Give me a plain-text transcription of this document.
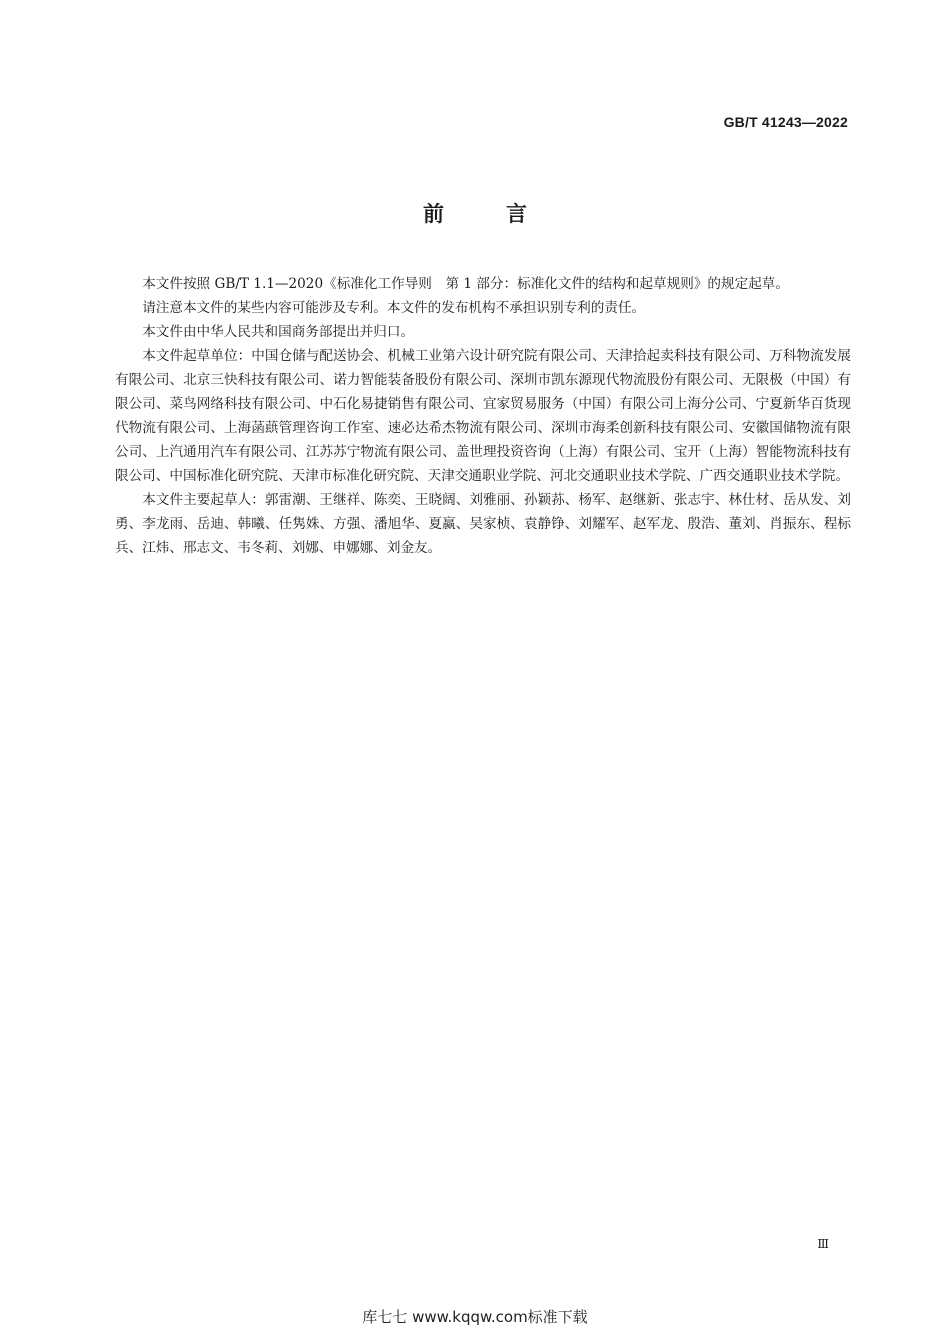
GB/T 41243—2022
前言

本文件按照 GB/T 1.1—2020《标准化工作导则　第 1 部分：标准化文件的结构和起草规则》的规定起草。

请注意本文件的某些内容可能涉及专利。本文件的发布机构不承担识别专利的责任。

本文件由中华人民共和国商务部提出并归口。

本文件起草单位：中国仓储与配送协会、机械工业第六设计研究院有限公司、天津拾起卖科技有限公司、万科物流发展有限公司、北京三快科技有限公司、诺力智能装备股份有限公司、深圳市凯东源现代物流股份有限公司、无限极（中国）有限公司、菜鸟网络科技有限公司、中石化易捷销售有限公司、宜家贸易服务（中国）有限公司上海分公司、宁夏新华百货现代物流有限公司、上海菡蕻管理咨询工作室、速必达希杰物流有限公司、深圳市海柔创新科技有限公司、安徽国储物流有限公司、上汽通用汽车有限公司、江苏苏宁物流有限公司、盖世理投资咨询（上海）有限公司、宝开（上海）智能物流科技有限公司、中国标准化研究院、天津市标准化研究院、天津交通职业学院、河北交通职业技术学院、广西交通职业技术学院。

本文件主要起草人：郭雷潮、王继祥、陈奕、王晓阔、刘雅丽、孙颖荪、杨军、赵继新、张志宇、林仕材、岳从发、刘勇、李龙雨、岳迪、韩曦、任隽姝、方强、潘旭华、夏赢、吴家桢、袁静铮、刘耀军、赵军龙、殷浩、董刘、肖振东、程标兵、江炜、邢志文、韦冬莉、刘娜、申娜娜、刘金友。

Ⅲ
库七七 www.kqqw.com标准下载
